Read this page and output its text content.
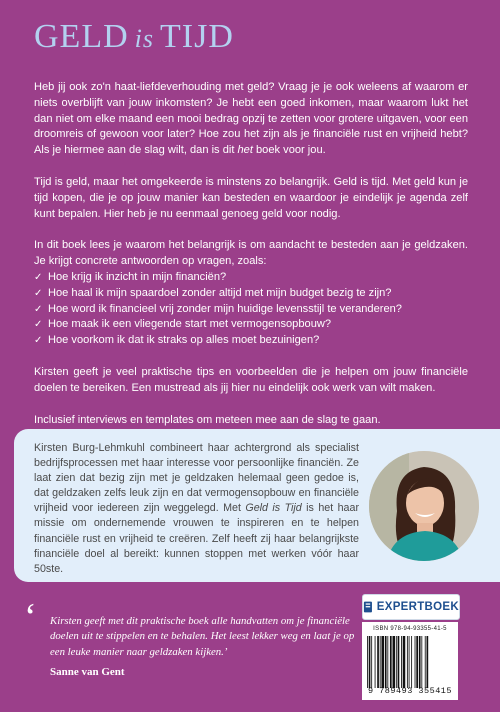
GELD is TIJD

Heb jij ook zo'n haat-liefdeverhouding met geld? Vraag je je ook weleens af waarom er niets overblijft van jouw inkomsten? Je hebt een goed inkomen, maar waarom lukt het dan niet om elke maand een mooi bedrag opzij te zetten voor grotere uitgaven, voor een droomreis of gewoon voor later? Hoe zou het zijn als je financiële rust en vrijheid hebt? Als je hiermee aan de slag wilt, dan is dit het boek voor jou.

Tijd is geld, maar het omgekeerde is minstens zo belangrijk. Geld is tijd. Met geld kun je tijd kopen, die je op jouw manier kan besteden en waardoor je eindelijk je agenda zelf kunt bepalen. Hier heb je nu eenmaal genoeg geld voor nodig.

In dit boek lees je waarom het belangrijk is om aandacht te besteden aan je geldzaken. Je krijgt concrete antwoorden op vragen, zoals:

✓ Hoe krijg ik inzicht in mijn financiën?
✓ Hoe haal ik mijn spaardoel zonder altijd met mijn budget bezig te zijn?
✓ Hoe word ik financieel vrij zonder mijn huidige levensstijl te veranderen?
✓ Hoe maak ik een vliegende start met vermogensopbouw?
✓ Hoe voorkom ik dat ik straks op alles moet bezuinigen?

Kirsten geeft je veel praktische tips en voorbeelden die je helpen om jouw financiële doelen te bereiken. Een mustread als jij hier nu eindelijk ook werk van wilt maken.

Inclusief interviews en templates om meteen mee aan de slag te gaan.

Kirsten Burg-Lehmkuhl combineert haar achtergrond als specialist bedrijfsprocessen met haar interesse voor persoonlijke financiën. Ze laat zien dat bezig zijn met je geldzaken helemaal geen gedoe is, dat geldzaken zelfs leuk zijn en dat vermogensopbouw en financiële vrijheid voor iedereen zijn weggelegd. Met Geld is Tijd is het haar missie om ondernemende vrouwen te inspireren en te helpen financiële rust en vrijheid te creëren. Zelf heeft zij haar belangrijkste financiële doel al bereikt: kunnen stoppen met werken vóór haar 50ste.

‘ Kirsten geeft met dit praktische boek alle handvatten om je financiële doelen uit te stippelen en te behalen. Het leest lekker weg en laat je op een leuke manier naar geldzaken kijken.’

Sanne van Gent
EXPERTBOEK
ISBN 978-94-93355-41-5
9 789493 355415
